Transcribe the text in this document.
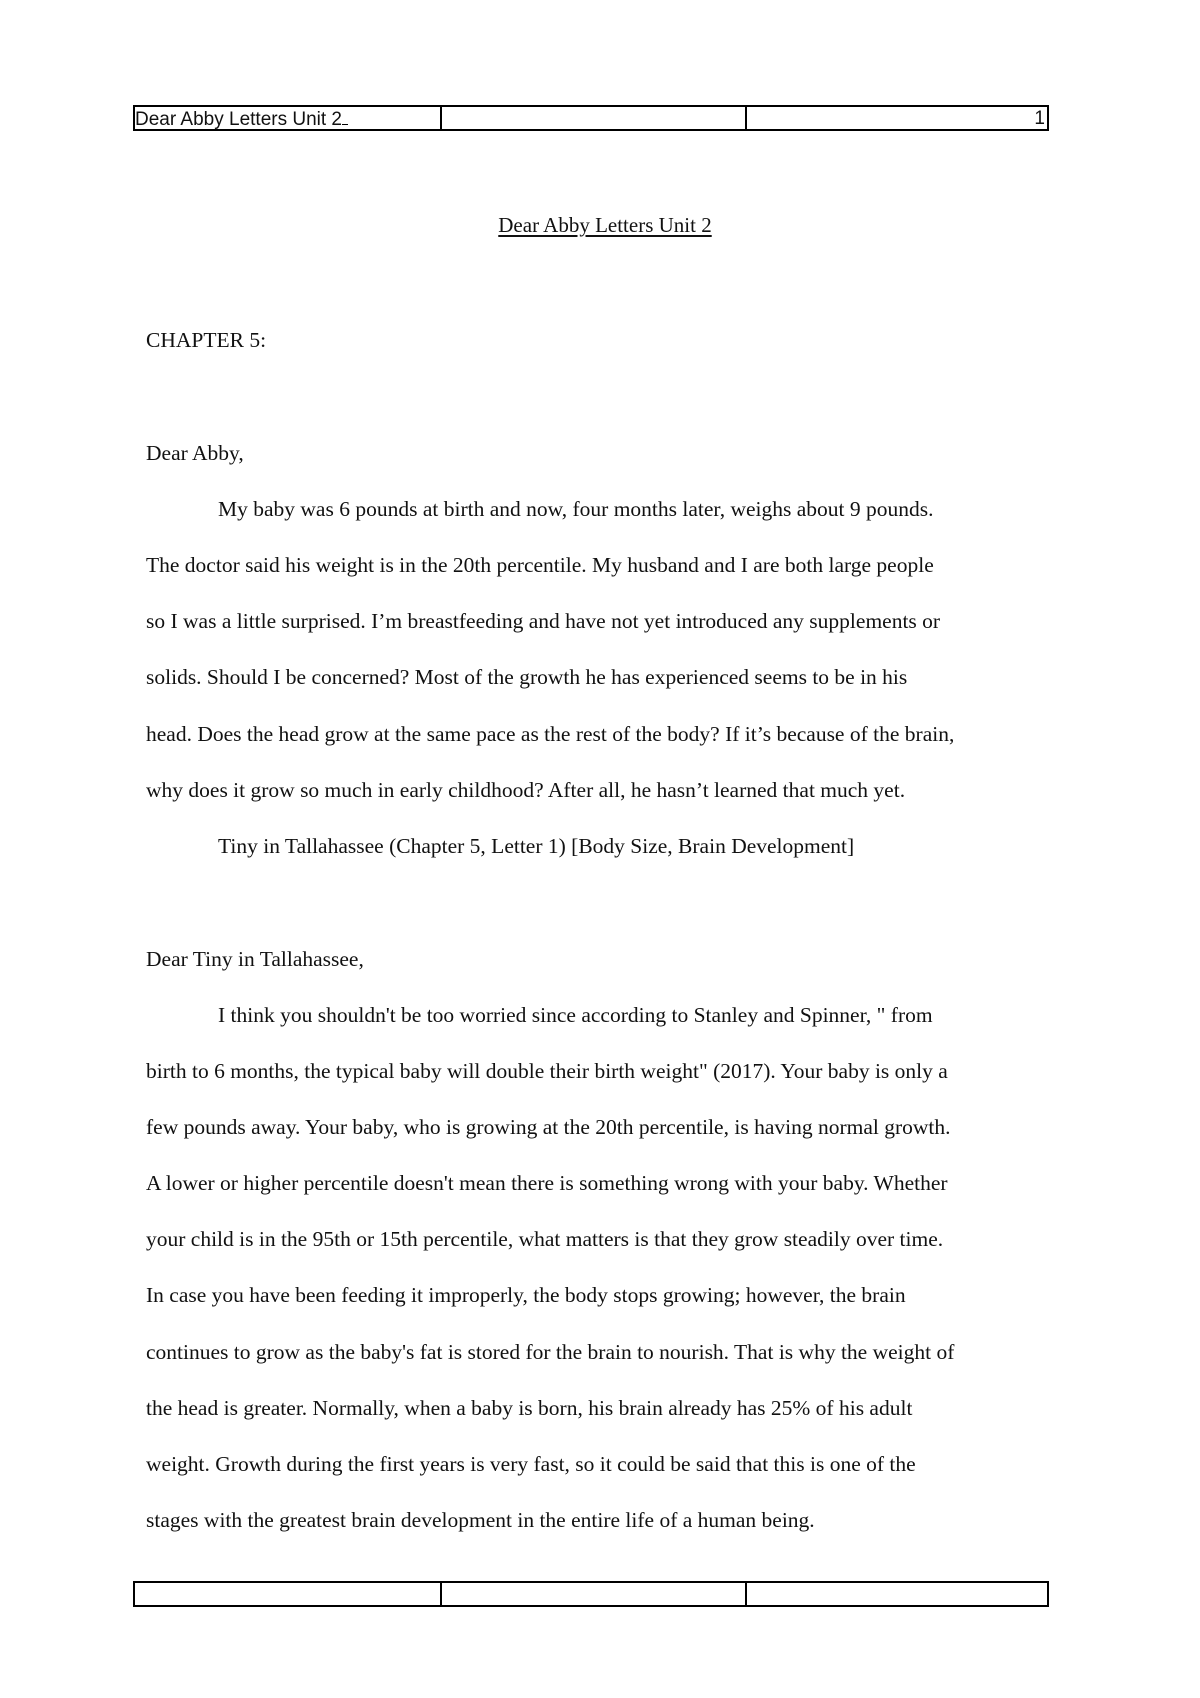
Dear Abby Letters Unit 2	1
Dear Abby Letters Unit 2
CHAPTER 5:
Dear Abby,
My baby was 6 pounds at birth and now, four months later, weighs about 9 pounds.
The doctor said his weight is in the 20th percentile. My husband and I are both large people
so I was a little surprised. I’m breastfeeding and have not yet introduced any supplements or
solids. Should I be concerned? Most of the growth he has experienced seems to be in his
head. Does the head grow at the same pace as the rest of the body? If it’s because of the brain,
why does it grow so much in early childhood? After all, he hasn’t learned that much yet.
Tiny in Tallahassee (Chapter 5, Letter 1) [Body Size, Brain Development]
Dear Tiny in Tallahassee,
I think you shouldn't be too worried since according to Stanley and Spinner, " from
birth to 6 months, the typical baby will double their birth weight" (2017). Your baby is only a
few pounds away. Your baby, who is growing at the 20th percentile, is having normal growth.
A lower or higher percentile doesn't mean there is something wrong with your baby. Whether
your child is in the 95th or 15th percentile, what matters is that they grow steadily over time.
In case you have been feeding it improperly, the body stops growing; however, the brain
continues to grow as the baby's fat is stored for the brain to nourish. That is why the weight of
the head is greater. Normally, when a baby is born, his brain already has 25% of his adult
weight. Growth during the first years is very fast, so it could be said that this is one of the
stages with the greatest brain development in the entire life of a human being.
